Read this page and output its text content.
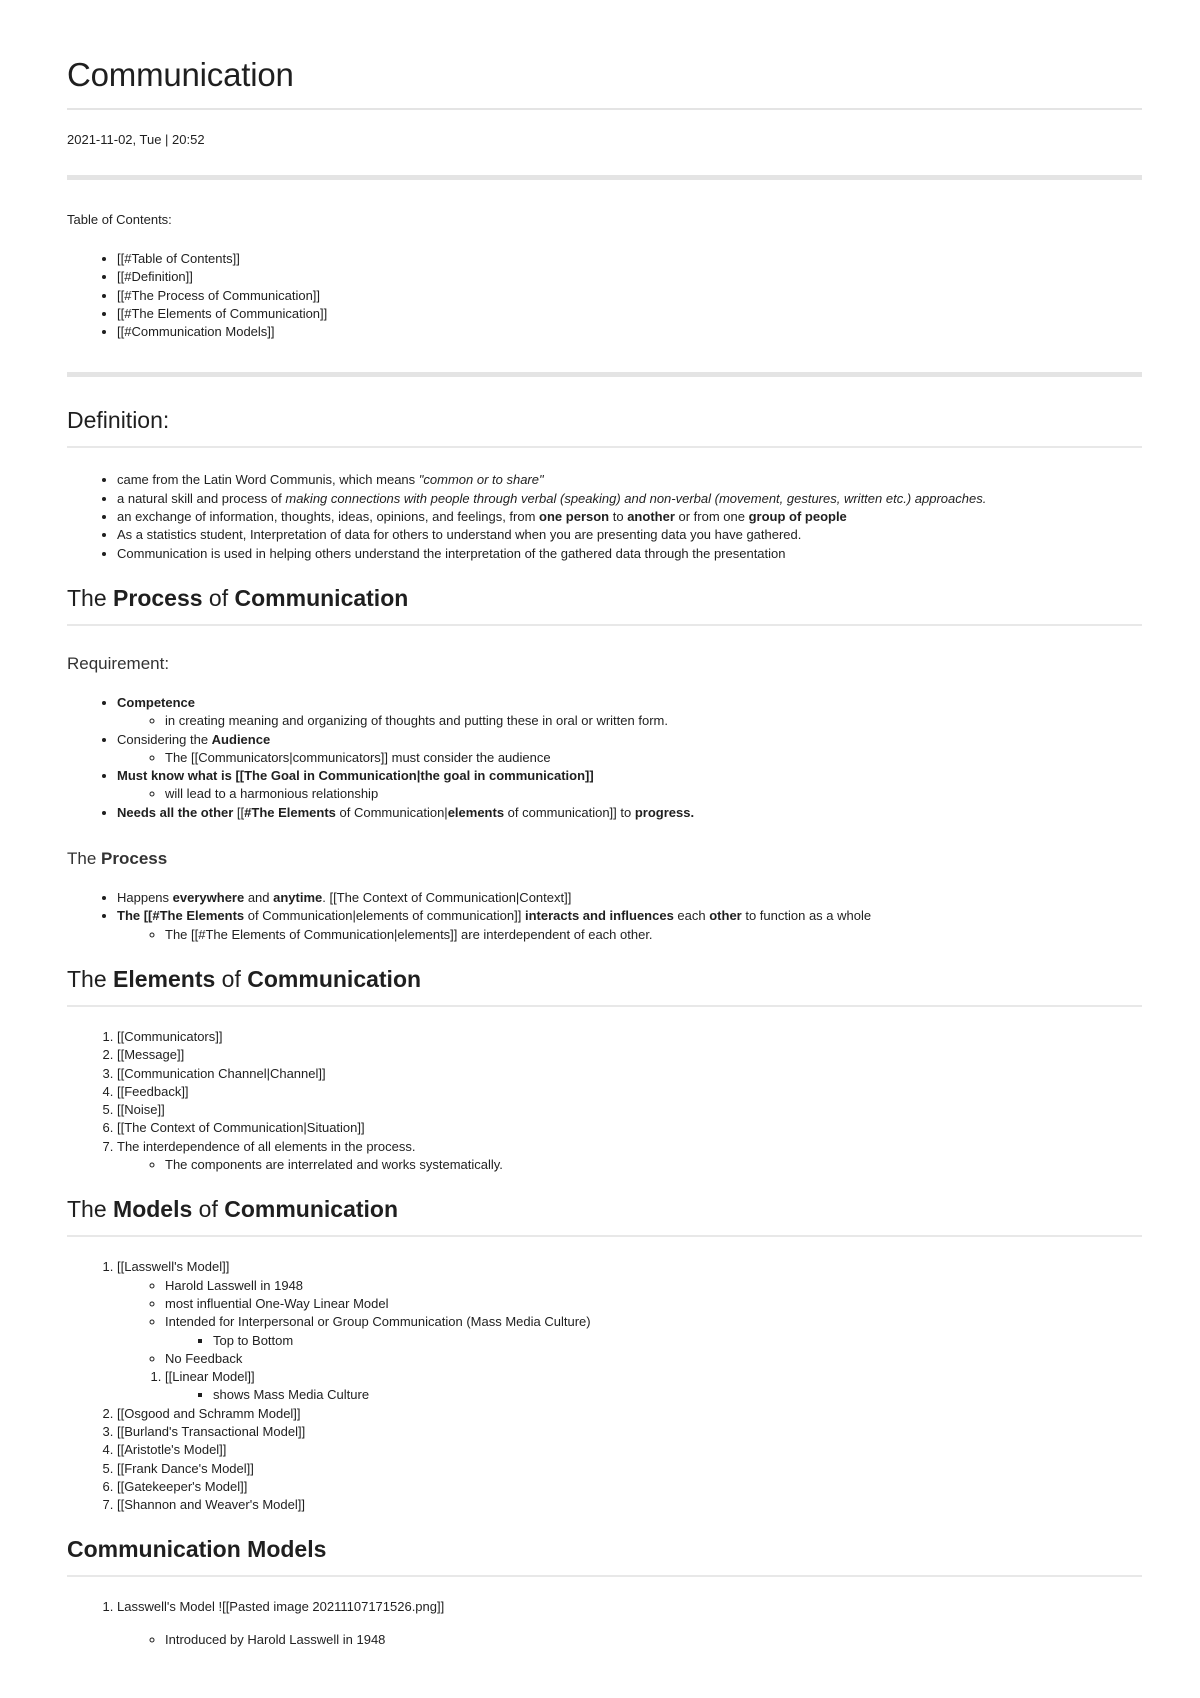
Communication
2021-11-02, Tue | 20:52
Table of Contents:
• [[#Table of Contents]]
• [[#Definition]]
• [[#The Process of Communication]]
• [[#The Elements of Communication]]
• [[#Communication Models]]
Definition:
• came from the Latin Word Communis, which means "common or to share"
• a natural skill and process of making connections with people through verbal (speaking) and non-verbal (movement, gestures, written etc.) approaches.
• an exchange of information, thoughts, ideas, opinions, and feelings, from one person to another or from one group of people
• As a statistics student, Interpretation of data for others to understand when you are presenting data you have gathered.
• Communication is used in helping others understand the interpretation of the gathered data through the presentation
The Process of Communication
Requirement:
• Competence
◦ in creating meaning and organizing of thoughts and putting these in oral or written form.
• Considering the Audience
◦ The [[Communicators|communicators]] must consider the audience
• Must know what is [[The Goal in Communication|the goal in communication]]
◦ will lead to a harmonious relationship
• Needs all the other [[#The Elements of Communication|elements of communication]] to progress.
The Process
• Happens everywhere and anytime. [[The Context of Communication|Context]]
• The [[#The Elements of Communication|elements of communication]] interacts and influences each other to function as a whole
◦ The [[#The Elements of Communication|elements]] are interdependent of each other.
The Elements of Communication
1. [[Communicators]]
2. [[Message]]
3. [[Communication Channel|Channel]]
4. [[Feedback]]
5. [[Noise]]
6. [[The Context of Communication|Situation]]
7. The interdependence of all elements in the process.
◦ The components are interrelated and works systematically.
The Models of Communication
1. [[Lasswell's Model]]
◦ Harold Lasswell in 1948
◦ most influential One-Way Linear Model
◦ Intended for Interpersonal or Group Communication (Mass Media Culture)
▪ Top to Bottom
◦ No Feedback
1. [[Linear Model]]
▪ shows Mass Media Culture
2. [[Osgood and Schramm Model]]
3. [[Burland's Transactional Model]]
4. [[Aristotle's Model]]
5. [[Frank Dance's Model]]
6. [[Gatekeeper's Model]]
7. [[Shannon and Weaver's Model]]
Communication Models
1. Lasswell's Model ![[Pasted image 20211107171526.png]]
◦ Introduced by Harold Lasswell in 1948
